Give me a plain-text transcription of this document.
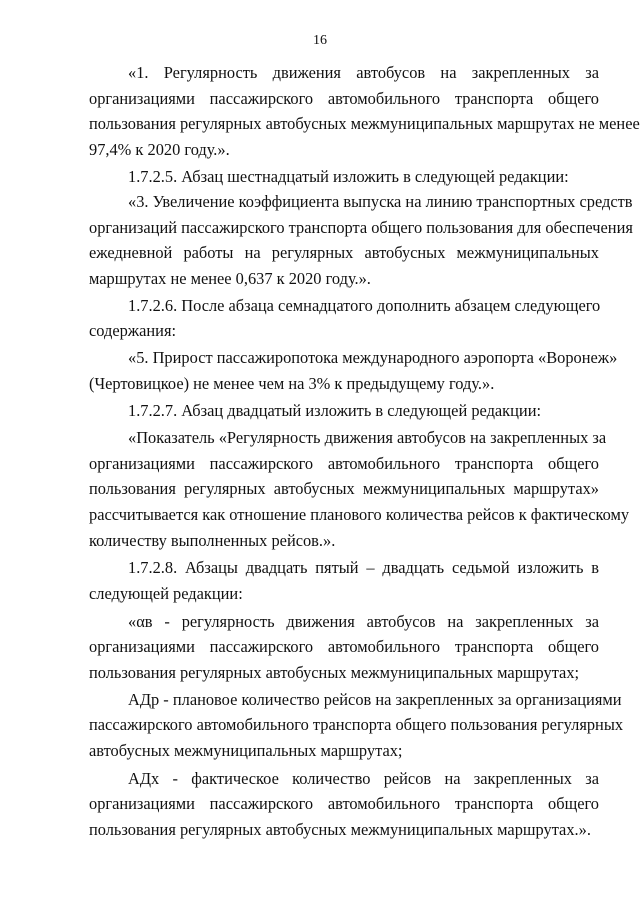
16
«1. Регулярность движения автобусов на закрепленных за
организациями пассажирского автомобильного транспорта общего
пользования регулярных автобусных межмуниципальных маршрутах не менее
97,4% к 2020 году.».
1.7.2.5. Абзац шестнадцатый изложить в следующей редакции:
«3. Увеличение коэффициента выпуска на линию транспортных средств
организаций пассажирского транспорта общего пользования для обеспечения
ежедневной работы на регулярных автобусных межмуниципальных
маршрутах не менее 0,637 к 2020 году.».
1.7.2.6. После абзаца семнадцатого дополнить абзацем следующего
содержания:
«5. Прирост пассажиропотока международного аэропорта «Воронеж»
(Чертовицкое) не менее чем на 3% к предыдущему году.».
1.7.2.7. Абзац двадцатый изложить в следующей редакции:
«Показатель «Регулярность движения автобусов на закрепленных за
организациями пассажирского автомобильного транспорта общего
пользования регулярных автобусных межмуниципальных маршрутах»
рассчитывается как отношение планового количества рейсов к фактическому
количеству выполненных рейсов.».
1.7.2.8. Абзацы двадцать пятый – двадцать седьмой изложить в
следующей редакции:
«αв - регулярность движения автобусов на закрепленных за
организациями пассажирского автомобильного транспорта общего
пользования регулярных автобусных межмуниципальных маршрутах;
АДр - плановое количество рейсов на закрепленных за организациями
пассажирского автомобильного транспорта общего пользования регулярных
автобусных межмуниципальных маршрутах;
АДх - фактическое количество рейсов на закрепленных за
организациями пассажирского автомобильного транспорта общего
пользования регулярных автобусных межмуниципальных маршрутах.».
